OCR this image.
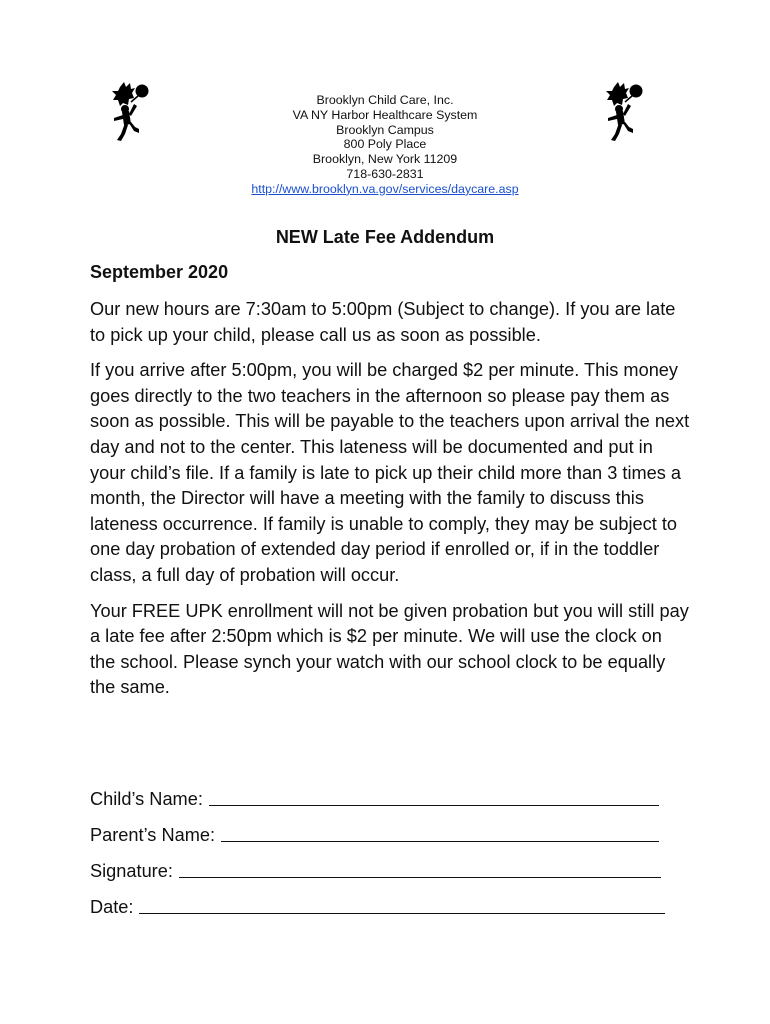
Brooklyn Child Care, Inc.
VA NY Harbor Healthcare System
Brooklyn Campus
800 Poly Place
Brooklyn, New York 11209
718-630-2831
http://www.brooklyn.va.gov/services/daycare.asp
NEW Late Fee Addendum
September 2020

Our new hours are 7:30am to 5:00pm (Subject to change). If you are late to pick up your child, please call us as soon as possible.

If you arrive after 5:00pm, you will be charged $2 per minute. This money goes directly to the two teachers in the afternoon so please pay them as soon as possible. This will be payable to the teachers upon arrival the next day and not to the center. This lateness will be documented and put in your child’s file. If a family is late to pick up their child more than 3 times a month, the Director will have a meeting with the family to discuss this lateness occurrence. If family is unable to comply, they may be subject to one day probation of extended day period if enrolled or, if in the toddler class, a full day of probation will occur.

Your FREE UPK enrollment will not be given probation but you will still pay a late fee after 2:50pm which is $2 per minute. We will use the clock on the school. Please synch your watch with our school clock to be equally the same.

Child’s Name:
Parent’s Name:
Signature:
Date:
